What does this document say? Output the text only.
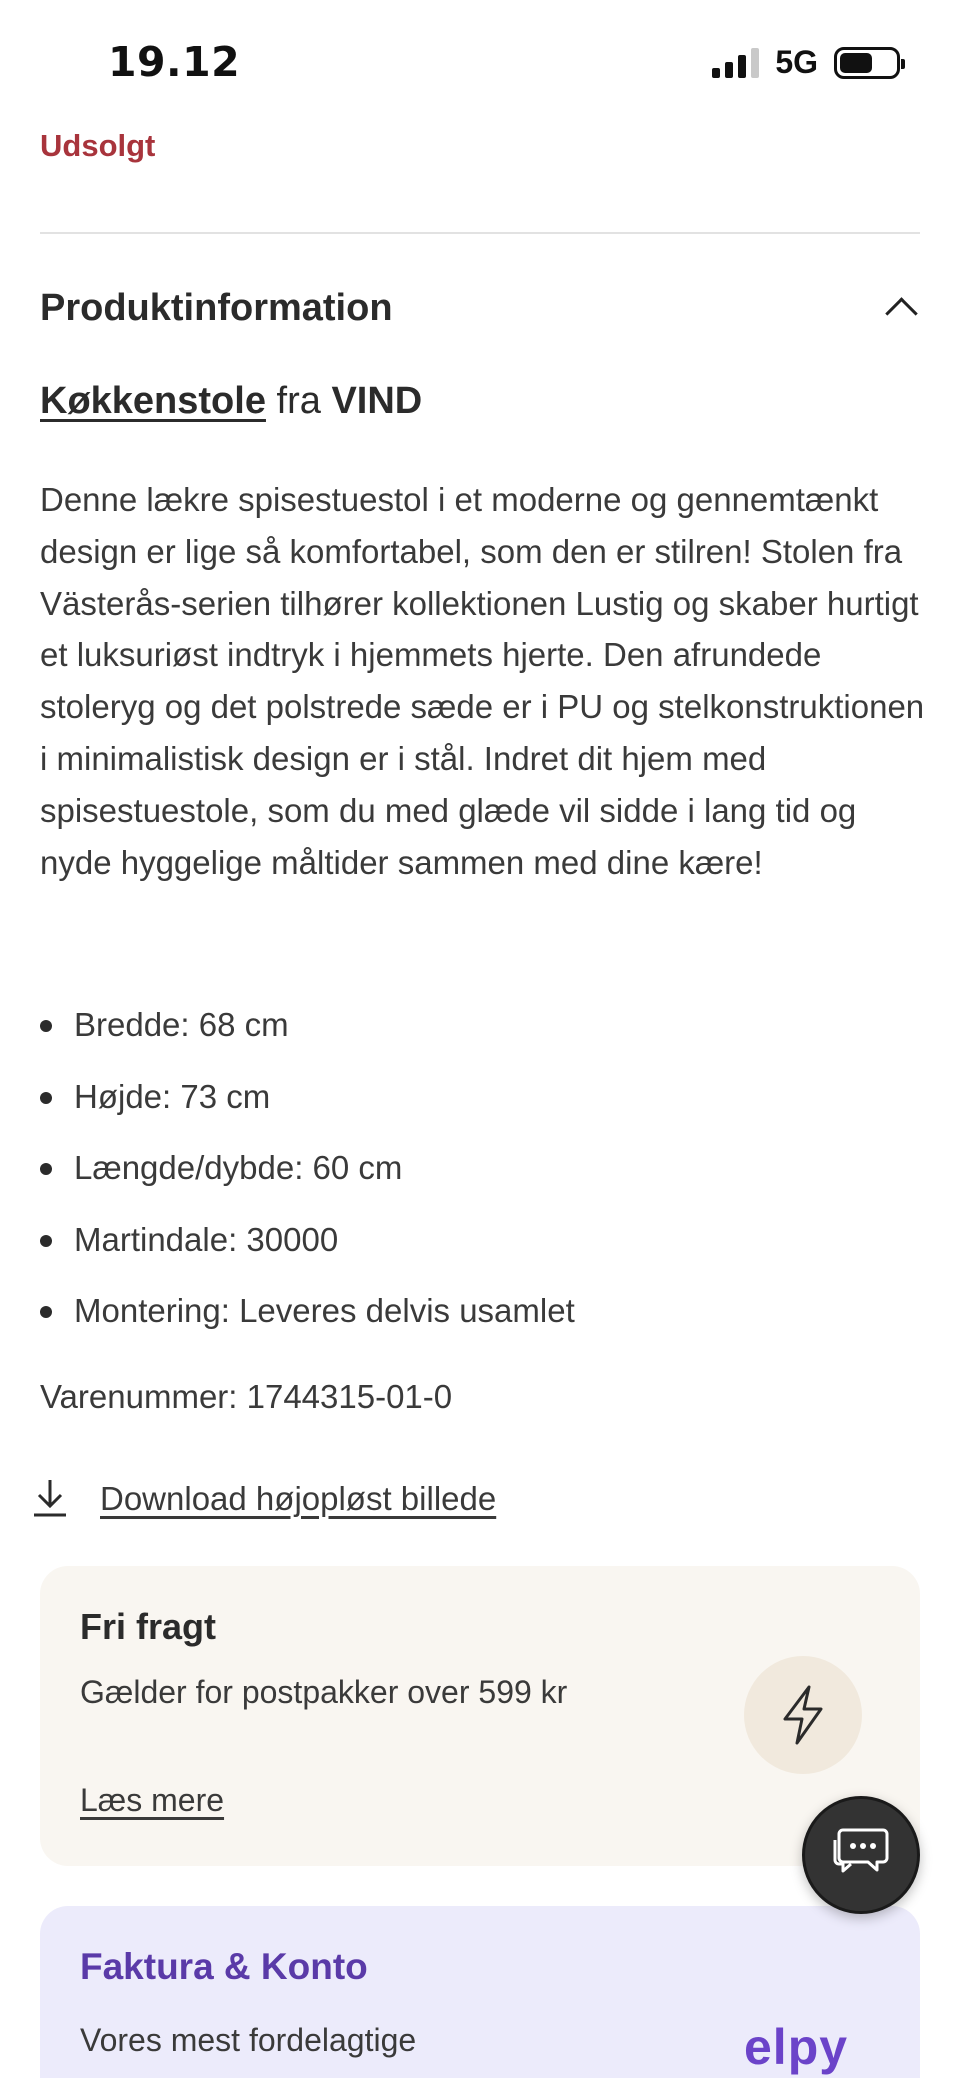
19.12	5G
Udsolgt
Produktinformation
Køkkenstole fra VIND
Denne lækre spisestuestol i et moderne og gennemtænkt design er lige så komfortabel, som den er stilren! Stolen fra Västerås-serien tilhører kollektionen Lustig og skaber hurtigt et luksuriøst indtryk i hjemmets hjerte. Den afrundede stoleryg og det polstrede sæde er i PU og stelkonstruktionen i minimalistisk design er i stål. Indret dit hjem med spisestuestole, som du med glæde vil sidde i lang tid og nyde hyggelige måltider sammen med dine kære!
Bredde: 68 cm
Højde: 73 cm
Længde/dybde: 60 cm
Martindale: 30000
Montering: Leveres delvis usamlet
Varenummer: 1744315-01-0
Download højopløst billede
Fri fragt
Gælder for postpakker over 599 kr
Læs mere
Faktura & Konto
Vores mest fordelagtige	elpy
